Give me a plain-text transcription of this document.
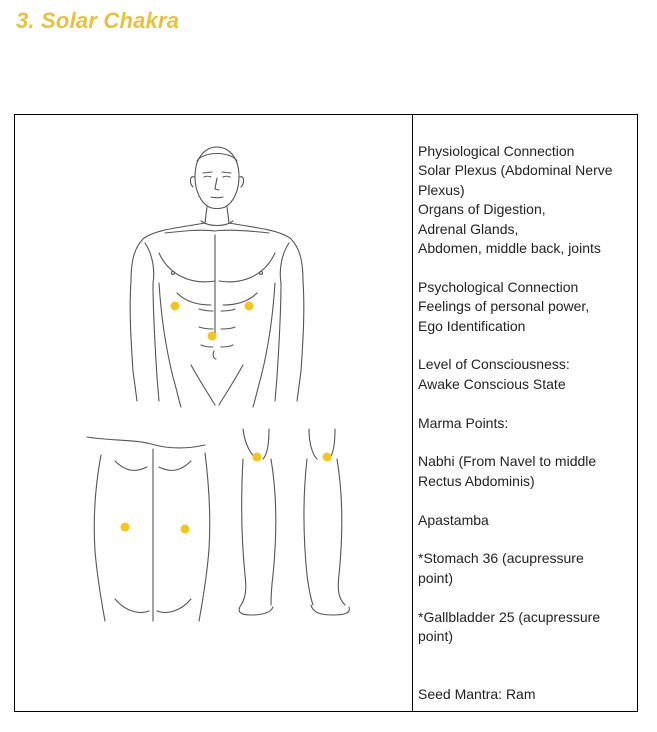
3. Solar Chakra

Physiological Connection
Solar Plexus (Abdominal Nerve
Plexus)
Organs of Digestion,
Adrenal Glands,
Abdomen, middle back, joints

Psychological Connection
Feelings of personal power,
Ego Identification

Level of Consciousness:
Awake Conscious State

Marma Points:

Nabhi (From Navel to middle
Rectus Abdominis)

Apastamba

*Stomach 36 (acupressure
point)

*Gallbladder 25 (acupressure
point)

Seed Mantra: Ram
